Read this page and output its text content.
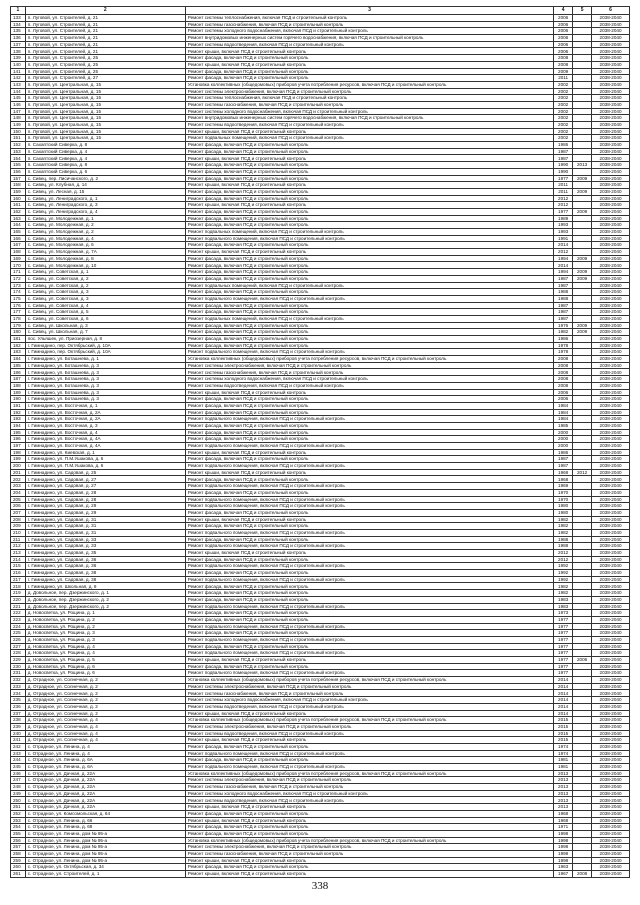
1	2	3	4	5	6
133	п. Луговой, ул. Строителей, д. 21	Ремонт системы теплоснабжения, включая ПСД и строительный контроль	2006		2038-2040
134	п. Луговой, ул. Строителей, д. 21	Ремонт системы газоснабжения, включая ПСД и строительный контроль	2006		2038-2040
135	п. Луговой, ул. Строителей, д. 21	Ремонт системы холодного водоснабжения, включая ПСД и строительный контроль	2006		2038-2040
136	п. Луговой, ул. Строителей, д. 21	Ремонт внутридомовых инженерных систем горячего водоснабжения, включая ПСД и строительный контроль	2006		2038-2040
137	п. Луговой, ул. Строителей, д. 21	Ремонт системы водоотведения, включая ПСД и строительный контроль	2006		2038-2040
138	п. Луговой, ул. Строителей, д. 21	Ремонт крыши, включая ПСД и строительный контроль	2006		2038-2040
139	п. Луговой, ул. Строителей, д. 25	Ремонт фасада, включая ПСД и строительный контроль	2008		2038-2040
140	п. Луговой, ул. Строителей, д. 25	Ремонт крыши, включая ПСД и строительный контроль	2008		2038-2040
141	п. Луговой, ул. Строителей, д. 25	Ремонт фасада, включая ПСД и строительный контроль	2009		2038-2040
142	п. Луговой, ул. Строителей, д. 27	Ремонт фасада, включая ПСД и строительный контроль	2011		2038-2040
143	п. Луговой, ул. Центральная, д. 15	Установка коллективных (общедомовых) приборов учета потребления ресурсов, включая ПСД и строительный контроль	2002		2038-2040
144	п. Луговой, ул. Центральная, д. 15	Ремонт системы электроснабжения, включая ПСД и строительный контроль	2002		2038-2040
145	п. Луговой, ул. Центральная, д. 15	Ремонт системы теплоснабжения, включая ПСД и строительный контроль	2002		2038-2040
146	п. Луговой, ул. Центральная, д. 15	Ремонт системы газоснабжения, включая ПСД и строительный контроль	2002		2038-2040
147	п. Луговой, ул. Центральная, д. 15	Ремонт системы холодного водоснабжения, включая ПСД и строительный контроль	2002		2038-2040
148	п. Луговой, ул. Центральная, д. 15	Ремонт внутридомовых инженерных систем горячего водоснабжения, включая ПСД и строительный контроль	2002		2038-2040
149	п. Луговой, ул. Центральная, д. 15	Ремонт системы водоотведения, включая ПСД и строительный контроль	2002		2038-2040
150	п. Луговой, ул. Центральная, д. 15	Ремонт крыши, включая ПСД и строительный контроль	2002		2038-2040
151	п. Луговой, ул. Центральная, д. 15	Ремонт подвальных помещений, включая ПСД и строительный контроль	2002		2038-2040
152	п. Сахаптский Сиверка, д. 8	Ремонт фасада, включая ПСД и строительный контроль	1986		2038-2040
153	п. Сахаптский Сиверка, д. 4	Ремонт фасада, включая ПСД и строительный контроль	1987		2038-2040
154	п. Сахаптский Сиверка, д. 4	Ремонт крыши, включая ПСД и строительный контроль	1987		2038-2040
155	п. Сахаптский Сиверка, д. 8	Ремонт фасада, включая ПСД и строительный контроль	1990	2013	2038-2040
156	п. Сахаптский Сиверка, д. 6	Ремонт фасада, включая ПСД и строительный контроль	1990		2038-2040
157	с. Сивец, пер. Лисичанского, д. 2	Ремонт фасада, включая ПСД и строительный контроль	1977	2009	2038-2040
158	с. Сивец, ул. Клубная, д. 14	Ремонт крыши, включая ПСД и строительный контроль	2011		2038-2040
159	с. Сивец, ул. Лесная, д. 15	Ремонт фасада, включая ПСД и строительный контроль	2011	2009	2038-2040
160	с. Сивец, ул. Лениградского, д. 1	Ремонт фасада, включая ПСД и строительный контроль	2012		2038-2040
161	с. Сивец, ул. Лениградского, д. 3	Ремонт крыши, включая ПСД и строительный контроль	2012		2038-2040
162	с. Сивец, ул. Лениградского, д. 4	Ремонт фасада, включая ПСД и строительный контроль	1977	2009	2038-2040
163	с. Сивец, ул. Молодежная, д. 1	Ремонт фасада, включая ПСД и строительный контроль	1989		2038-2040
164	с. Сивец, ул. Молодежная, д. 2	Ремонт фасада, включая ПСД и строительный контроль	1993		2038-2040
165	с. Сивец, ул. Молодежная, д. 2	Ремонт подвальных помещений, включая ПСД и строительный контроль	1993		2038-2040
166	с. Сивец, ул. Молодежная, д. 4	Ремонт подвального помещения, включая ПСД и строительный контроль	1991		2038-2040
167	с. Сивец, ул. Молодежная, д. 6	Ремонт фасада, включая ПСД и строительный контроль	2014		2038-2040
168	с. Сивец, ул. Молодежная, д. 7А	Ремонт крыши, включая ПСД и строительный контроль	2012		2038-2040
169	с. Сивец, ул. Молодежная, д. 8	Ремонт фасада, включая ПСД и строительный контроль	1994	2009	2038-2040
170	с. Сивец, ул. Молодежная, д. 10	Ремонт фасада, включая ПСД и строительный контроль	2014		2038-2040
171	с. Сивец, ул. Советская, д. 1	Ремонт фасада, включая ПСД и строительный контроль	1994	2009	2038-2040
172	с. Сивец, ул. Советская, д. 2	Ремонт фасада, включая ПСД и строительный контроль	1987	2009	2038-2040
173	с. Сивец, ул. Советская, д. 2	Ремонт подвальных помещений, включая ПСД и строительный контроль	1987		2038-2040
174	с. Сивец, ул. Советская, д. 3	Ремонт фасада, включая ПСД и строительный контроль	1988		2038-2040
175	с. Сивец, ул. Советская, д. 3	Ремонт подвального помещения, включая ПСД и строительный контроль	1988		2038-2040
176	с. Сивец, ул. Советская, д. 4	Ремонт фасада, включая ПСД и строительный контроль	1987		2038-2040
177	с. Сивец, ул. Советская, д. 5	Ремонт фасада, включая ПСД и строительный контроль	1987		2038-2040
178	с. Сивец, ул. Советская, д. 6	Ремонт подвальных помещений, включая ПСД и строительный контроль	1987		2038-2040
179	с. Сивец, ул. Школьная, д. 3	Ремонт фасада, включая ПСД и строительный контроль	1976	2009	2038-2040
180	с. Сивец, ул. Школьная, д. 7	Ремонт фасада, включая ПСД и строительный контроль	1982	2009	2038-2040
181	пос. Ульяшек, ул. Приозерная, д. 8	Ремонт фасада, включая ПСД и строительный контроль	1986		2038-2040
182	г. Гимнадино, пер. Октябрьский, д. 10А	Ремонт фасада, включая ПСД и строительный контроль	1978		2038-2040
183	г. Гимнадино, пер. Октябрьский, д. 10А	Ремонт подвального помещения, включая ПСД и строительный контроль	1978		2038-2040
184	г. Гимнадино, ул. Боташнева, д. 1	Установка коллективных (общедомовых) приборов учета потребления ресурсов, включая ПСД и строительный контроль	2008		2038-2040
185	г. Гимнадино, ул. Боташнева, д. 3	Ремонт системы электроснабжения, включая ПСД и строительный контроль	2008		2038-2040
186	г. Гимнадино, ул. Боташнева, д. 3	Ремонт системы газоснабжения, включая ПСД и строительный контроль	2008		2038-2040
187	г. Гимнадино, ул. Боташнева, д. 3	Ремонт системы холодного водоснабжения, включая ПСД и строительный контроль	2008		2038-2040
188	г. Гимнадино, ул. Боташнева, д. 3	Ремонт системы водоотведения, включая ПСД и строительный контроль	2008		2038-2040
189	г. Гимнадино, ул. Боташнева, д. 3	Ремонт крыши, включая ПСД и строительный контроль	2006		2038-2040
190	г. Гимнадино, ул. Боташнева, д. 3	Ремонт фасада, включая ПСД и строительный контроль	2006		2038-2040
191	г. Гимнадино, ул. Восточная, д. 1	Ремонт фасада, включая ПСД и строительный контроль	1984		2038-2040
192	г. Гимнадино, ул. Восточная, д. 2А	Ремонт фасада, включая ПСД и строительный контроль	1984		2038-2040
193	г. Гимнадино, ул. Восточная, д. 2А	Ремонт подвального помещения, включая ПСД и строительный контроль	1984		2038-2040
194	г. Гимнадино, ул. Восточная, д. 3	Ремонт фасада, включая ПСД и строительный контроль	1985		2038-2040
195	г. Гимнадино, ул. Восточная, д. 4	Ремонт фасада, включая ПСД и строительный контроль	2000		2038-2040
196	г. Гимнадино, ул. Восточная, д. 4А	Ремонт фасада, включая ПСД и строительный контроль	2000		2038-2040
197	г. Гимнадино, ул. Восточная, д. 4А	Ремонт подвального помещения, включая ПСД и строительный контроль	2000		2038-2040
198	г. Гимнадино, ул. Киевская, д. 1	Ремонт крыши, включая ПСД и строительный контроль	1986		2038-2040
199	г. Гимнадино, ул. П.М.Ушакова, д. 6	Ремонт фасада, включая ПСД и строительный контроль	1987		2038-2040
200	г. Гимнадино, ул. П.М.Ушакова, д. 6	Ремонт подвального помещения, включая ПСД и строительный контроль	1987		2038-2040
201	г. Гимнадино, ул. Садовая, д. 25	Ремонт крыши, включая ПСД и строительный контроль	1968	2012	2038-2040
202	г. Гимнадино, ул. Садовая, д. 27	Ремонт фасада, включая ПСД и строительный контроль	1968		2038-2040
203	г. Гимнадино, ул. Садовая, д. 27	Ремонт подвального помещения, включая ПСД и строительный контроль	1969		2038-2040
204	г. Гимнадино, ул. Садовая, д. 28	Ремонт фасада, включая ПСД и строительный контроль	1970		2038-2040
205	г. Гимнадино, ул. Садовая, д. 28	Ремонт подвального помещения, включая ПСД и строительный контроль	1970		2038-2040
206	г. Гимнадино, ул. Садовая, д. 29	Ремонт подвального помещения, включая ПСД и строительный контроль	1980		2038-2040
207	г. Гимнадино, ул. Садовая, д. 29	Ремонт фасада, включая ПСД и строительный контроль	1980		2038-2040
208	г. Гимнадино, ул. Садовая, д. 31	Ремонт крыши, включая ПСД и строительный контроль	1982		2038-2040
209	г. Гимнадино, ул. Садовая, д. 31	Ремонт фасада, включая ПСД и строительный контроль	1982		2038-2040
210	г. Гимнадино, ул. Садовая, д. 31	Ремонт подвального помещения, включая ПСД и строительный контроль	1982		2038-2040
211	г. Гимнадино, ул. Садовая, д. 33	Ремонт фасада, включая ПСД и строительный контроль	1988		2038-2040
212	г. Гимнадино, ул. Садовая, д. 33	Ремонт подвального помещения, включая ПСД и строительный контроль	1988		2038-2040
213	г. Гимнадино, ул. Садовая, д. 35	Ремонт крыши, включая ПСД и строительный контроль	2012		2038-2040
214	г. Гимнадино, ул. Садовая, д. 36	Ремонт фасада, включая ПСД и строительный контроль	2012		2038-2040
215	г. Гимнадино, ул. Садовая, д. 36	Ремонт подвального помещения, включая ПСД и строительный контроль	1992		2038-2040
216	г. Гимнадино, ул. Садовая, д. 38	Ремонт фасада, включая ПСД и строительный контроль	1992		2038-2040
217	г. Гимнадино, ул. Садовая, д. 38	Ремонт подвального помещения, включая ПСД и строительный контроль	1992		2038-2040
218	г. Гимнадино, ул. Школьная, д. 8	Ремонт фасада, включая ПСД и строительный контроль	1982		2038-2040
219	д. Довольное, пер. Дзержинского, д. 1	Ремонт фасада, включая ПСД и строительный контроль	1982		2038-2040
220	д. Довольное, пер. Дзержинского, д. 2	Ремонт фасада, включая ПСД и строительный контроль	1983		2038-2040
221	д. Довольное, пер. Дзержинского, д. 2	Ремонт подвального помещения, включая ПСД и строительный контроль	1983		2038-2040
222	д. Новосветка, ул. Рощина, д. 1	Ремонт фасада, включая ПСД и строительный контроль	1973		2038-2040
223	д. Новосветка, ул. Рощина, д. 2	Ремонт фасада, включая ПСД и строительный контроль	1977		2038-2040
224	д. Новосветка, ул. Рощина, д. 2	Ремонт подвального помещения, включая ПСД и строительный контроль	1977		2038-2040
225	д. Новосветка, ул. Рощина, д. 3	Ремонт фасада, включая ПСД и строительный контроль	1977		2038-2040
226	д. Новосветка, ул. Рощина, д. 3	Ремонт подвального помещения, включая ПСД и строительный контроль	1977		2038-2040
227	д. Новосветка, ул. Рощина, д. 4	Ремонт фасада, включая ПСД и строительный контроль	1977		2038-2040
228	д. Новосветка, ул. Рощина, д. 4	Ремонт подвального помещения, включая ПСД и строительный контроль	1977		2038-2040
229	д. Новосветка, ул. Рощина, д. 5	Ремонт крыши, включая ПСД и строительный контроль	1977	2006	2038-2040
230	д. Новосветка, ул. Рощина, д. 6	Ремонт фасада, включая ПСД и строительный контроль	1977		2038-2040
231	д. Новосветка, ул. Рощина, д. 6	Ремонт подвального помещения, включая ПСД и строительный контроль	1977		2038-2040
232	д. Отрадное, ул. Солнечная, д. 2	Установка коллективных (общедомовых) приборов учета потребления ресурсов, включая ПСД и строительный контроль	2014		2038-2040
233	д. Отрадное, ул. Солнечная, д. 2	Ремонт системы электроснабжения, включая ПСД и строительный контроль	2014		2038-2040
234	д. Отрадное, ул. Солнечная, д. 2	Ремонт системы газоснабжения, включая ПСД и строительный контроль	2014		2038-2040
235	д. Отрадное, ул. Солнечная, д. 2	Ремонт системы холодного водоснабжения, включая ПСД и строительный контроль	2014		2038-2040
236	д. Отрадное, ул. Солнечная, д. 2	Ремонт системы водоотведения, включая ПСД и строительный контроль	2014		2038-2040
237	д. Отрадное, ул. Солнечная, д. 2	Ремонт крыши, включая ПСД и строительный контроль	2014		2038-2040
238	д. Отрадное, ул. Солнечная, д. 4	Установка коллективных (общедомовых) приборов учета потребления ресурсов, включая ПСД и строительный контроль	2015		2038-2040
239	д. Отрадное, ул. Солнечная, д. 4	Ремонт системы электроснабжения, включая ПСД и строительный контроль	2015		2038-2040
240	д. Отрадное, ул. Солнечная, д. 4	Ремонт системы водоотведения, включая ПСД и строительный контроль	2015		2038-2040
241	д. Отрадное, ул. Солнечная, д. 4	Ремонт крыши, включая ПСД и строительный контроль	2015		2038-2040
242	с. Отрадное, ул. Ленина, д. 4	Ремонт фасада, включая ПСД и строительный контроль	1974		2038-2040
243	с. Отрадное, ул. Ленина, д. 4	Ремонт подвального помещения, включая ПСД и строительный контроль	1974		2038-2040
244	с. Отрадное, ул. Ленина, д. 6А	Ремонт фасада, включая ПСД и строительный контроль	1981		2038-2040
245	с. Отрадное, ул. Ленина, д. 6А	Ремонт подвального помещения, включая ПСД и строительный контроль	1981		2038-2040
246	с. Отрадное, ул. Дачная, д. 22А	Установка коллективных (общедомовых) приборов учета потребления ресурсов, включая ПСД и строительный контроль	2013		2038-2040
247	с. Отрадное, ул. Дачная, д. 22А	Ремонт системы электроснабжения, включая ПСД и строительный контроль	2013		2038-2040
248	с. Отрадное, ул. Дачная, д. 22А	Ремонт системы газоснабжения, включая ПСД и строительный контроль	2013		2038-2040
249	с. Отрадное, ул. Дачная, д. 22А	Ремонт системы холодного водоснабжения, включая ПСД и строительный контроль	2013		2038-2040
250	с. Отрадное, ул. Дачная, д. 22А	Ремонт системы водоотведения, включая ПСД и строительный контроль	2013		2038-2040
251	с. Отрадное, ул. Дачная, д. 22А	Ремонт крыши, включая ПСД и строительный контроль	2013		2038-2040
252	с. Отрадное, ул. Комсомольская, д. 64	Ремонт фасада, включая ПСД и строительный контроль	1968		2038-2040
253	с. Отрадное, ул. Ленина, д. 66	Ремонт крыши, включая ПСД и строительный контроль	1968		2038-2040
254	с. Отрадное, ул. Ленина, д. 68	Ремонт фасада, включая ПСД и строительный контроль	1971		2038-2040
255	с. Отрадное, ул. Ленина, дом № 95-а	Ремонт фасада, включая ПСД и строительный контроль	1998		2038-2040
256	с. Отрадное, ул. Ленина, дом № 95-а	Установка коллективных (общедомовых) приборов учета потребления ресурсов, включая ПСД и строительный контроль	1998		2038-2040
257	с. Отрадное, ул. Ленина, дом № 95-а	Ремонт системы электроснабжения, включая ПСД и строительный контроль	1998		2038-2040
258	с. Отрадное, ул. Ленина, дом № 95-а	Ремонт системы газоснабжения, включая ПСД и строительный контроль	1998		2038-2040
259	с. Отрадное, ул. Ленина, дом № 95-а	Ремонт крыши, включая ПСД и строительный контроль	1998		2038-2040
260	с. Отрадное, ул. Октябрьская, д. 34	Ремонт фасада, включая ПСД и строительный контроль	1963		2038-2040
261	с. Отрадное, ул. Строителей, д. 1	Ремонт крыши, включая ПСД и строительный контроль	1967	2008	2038-2040
338
